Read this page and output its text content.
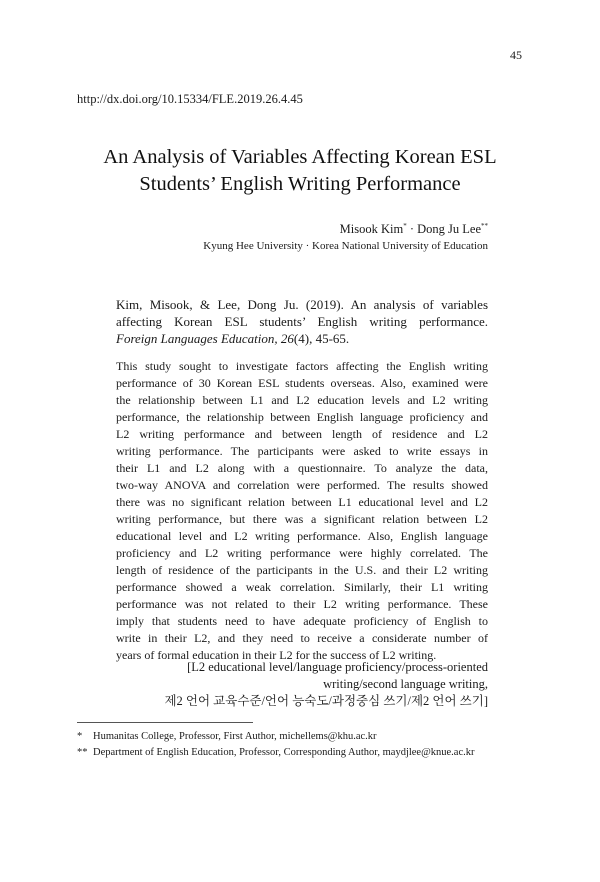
45
http://dx.doi.org/10.15334/FLE.2019.26.4.45
An Analysis of Variables Affecting Korean ESL
Students’ English Writing Performance
Misook Kim* · Dong Ju Lee**
Kyung Hee University · Korea National University of Education
Kim, Misook, & Lee, Dong Ju. (2019). An analysis of variables
affecting Korean ESL students’ English writing performance.
Foreign Languages Education, 26(4), 45-65.
This study sought to investigate factors affecting the English writing
performance of 30 Korean ESL students overseas. Also, examined were
the relationship between L1 and L2 education levels and L2 writing
performance, the relationship between English language proficiency and
L2 writing performance and between length of residence and L2
writing performance. The participants were asked to write essays in
their L1 and L2 along with a questionnaire. To analyze the data,
two-way ANOVA and correlation were performed. The results showed
there was no significant relation between L1 educational level and L2
writing performance, but there was a significant relation between L2
educational level and L2 writing performance. Also, English language
proficiency and L2 writing performance were highly correlated. The
length of residence of the participants in the U.S. and their L2 writing
performance showed a weak correlation. Similarly, their L1 writing
performance was not related to their L2 writing performance. These
imply that students need to have adequate proficiency of English to
write in their L2, and they need to receive a considerate number of
years of formal education in their L2 for the success of L2 writing.
[L2 educational level/language proficiency/process-oriented
writing/second language writing,
제2 언어 교육수준/언어 능숙도/과정중심 쓰기/제2 언어 쓰기]
* Humanitas College, Professor, First Author, michellems@khu.ac.kr
** Department of English Education, Professor, Corresponding Author, maydjlee@knue.ac.kr
